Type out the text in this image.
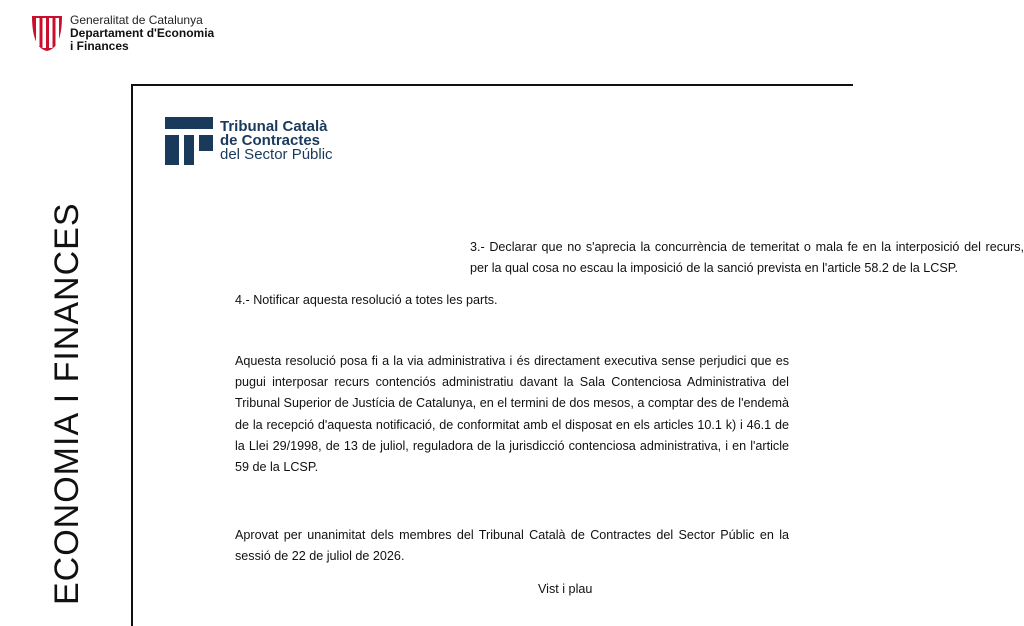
Generalitat de Catalunya
Departament d'Economia
i Finances
ECONOMIA I FINANCES
Tribunal Català
de Contractes
del Sector Públic

3.- Declarar que no s'aprecia la concurrència de temeritat o mala fe en la interposició del recurs, per la qual cosa no escau la imposició de la sanció prevista en l'article 58.2 de la LCSP.

4.- Notificar aquesta resolució a totes les parts.

Aquesta resolució posa fi a la via administrativa i és directament executiva sense perjudici que es pugui interposar recurs contenciós administratiu davant la Sala Contenciosa Administrativa del Tribunal Superior de Justícia de Catalunya, en el termini de dos mesos, a comptar des de l'endemà de la recepció d'aquesta notificació, de conformitat amb el disposat en els articles 10.1 k) i 46.1 de la Llei 29/1998, de 13 de juliol, reguladora de la jurisdicció contenciosa administrativa, i en l'article 59 de la LCSP.

Aprovat per unanimitat dels membres del Tribunal Català de Contractes del Sector Públic en la sessió de 22 de juliol de 2026.

Vist i plau
